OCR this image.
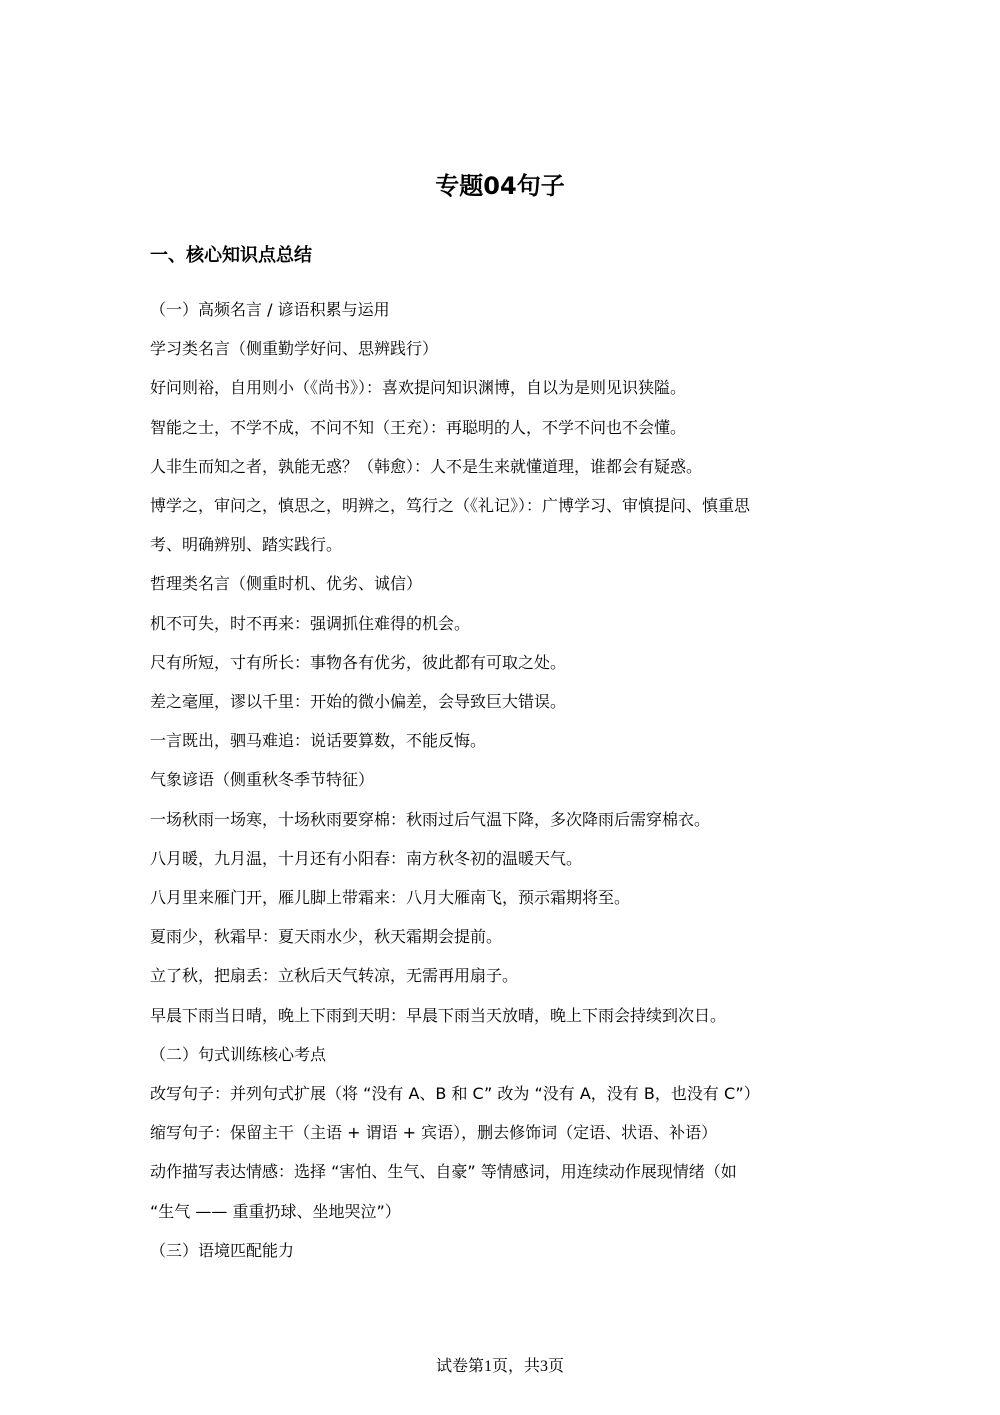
专题04句子
一、核心知识点总结

（一）高频名言 / 谚语积累与运用

学习类名言（侧重勤学好问、思辨践行）

好问则裕，自用则小（《尚书》）：喜欢提问知识渊博，自以为是则见识狭隘。

智能之士，不学不成，不问不知（王充）：再聪明的人，不学不问也不会懂。

人非生而知之者，孰能无惑？（韩愈）：人不是生来就懂道理，谁都会有疑惑。

博学之，审问之，慎思之，明辨之，笃行之（《礼记》）：广博学习、审慎提问、慎重思

考、明确辨别、踏实践行。

哲理类名言（侧重时机、优劣、诚信）

机不可失，时不再来：强调抓住难得的机会。

尺有所短，寸有所长：事物各有优劣，彼此都有可取之处。

差之毫厘，谬以千里：开始的微小偏差，会导致巨大错误。

一言既出，驷马难追：说话要算数，不能反悔。

气象谚语（侧重秋冬季节特征）

一场秋雨一场寒，十场秋雨要穿棉：秋雨过后气温下降，多次降雨后需穿棉衣。

八月暖，九月温，十月还有小阳春：南方秋冬初的温暖天气。

八月里来雁门开，雁儿脚上带霜来：八月大雁南飞，预示霜期将至。

夏雨少，秋霜早：夏天雨水少，秋天霜期会提前。

立了秋，把扇丢：立秋后天气转凉，无需再用扇子。

早晨下雨当日晴，晚上下雨到天明：早晨下雨当天放晴，晚上下雨会持续到次日。

（二）句式训练核心考点

改写句子：并列句式扩展（将 “没有 A、B 和 C” 改为 “没有 A，没有 B，也没有 C”）

缩写句子：保留主干（主语 + 谓语 + 宾语），删去修饰词（定语、状语、补语）

动作描写表达情感：选择 “害怕、生气、自豪” 等情感词，用连续动作展现情绪（如

“生气 —— 重重扔球、坐地哭泣”）

（三）语境匹配能力

试卷第1页，共3页
